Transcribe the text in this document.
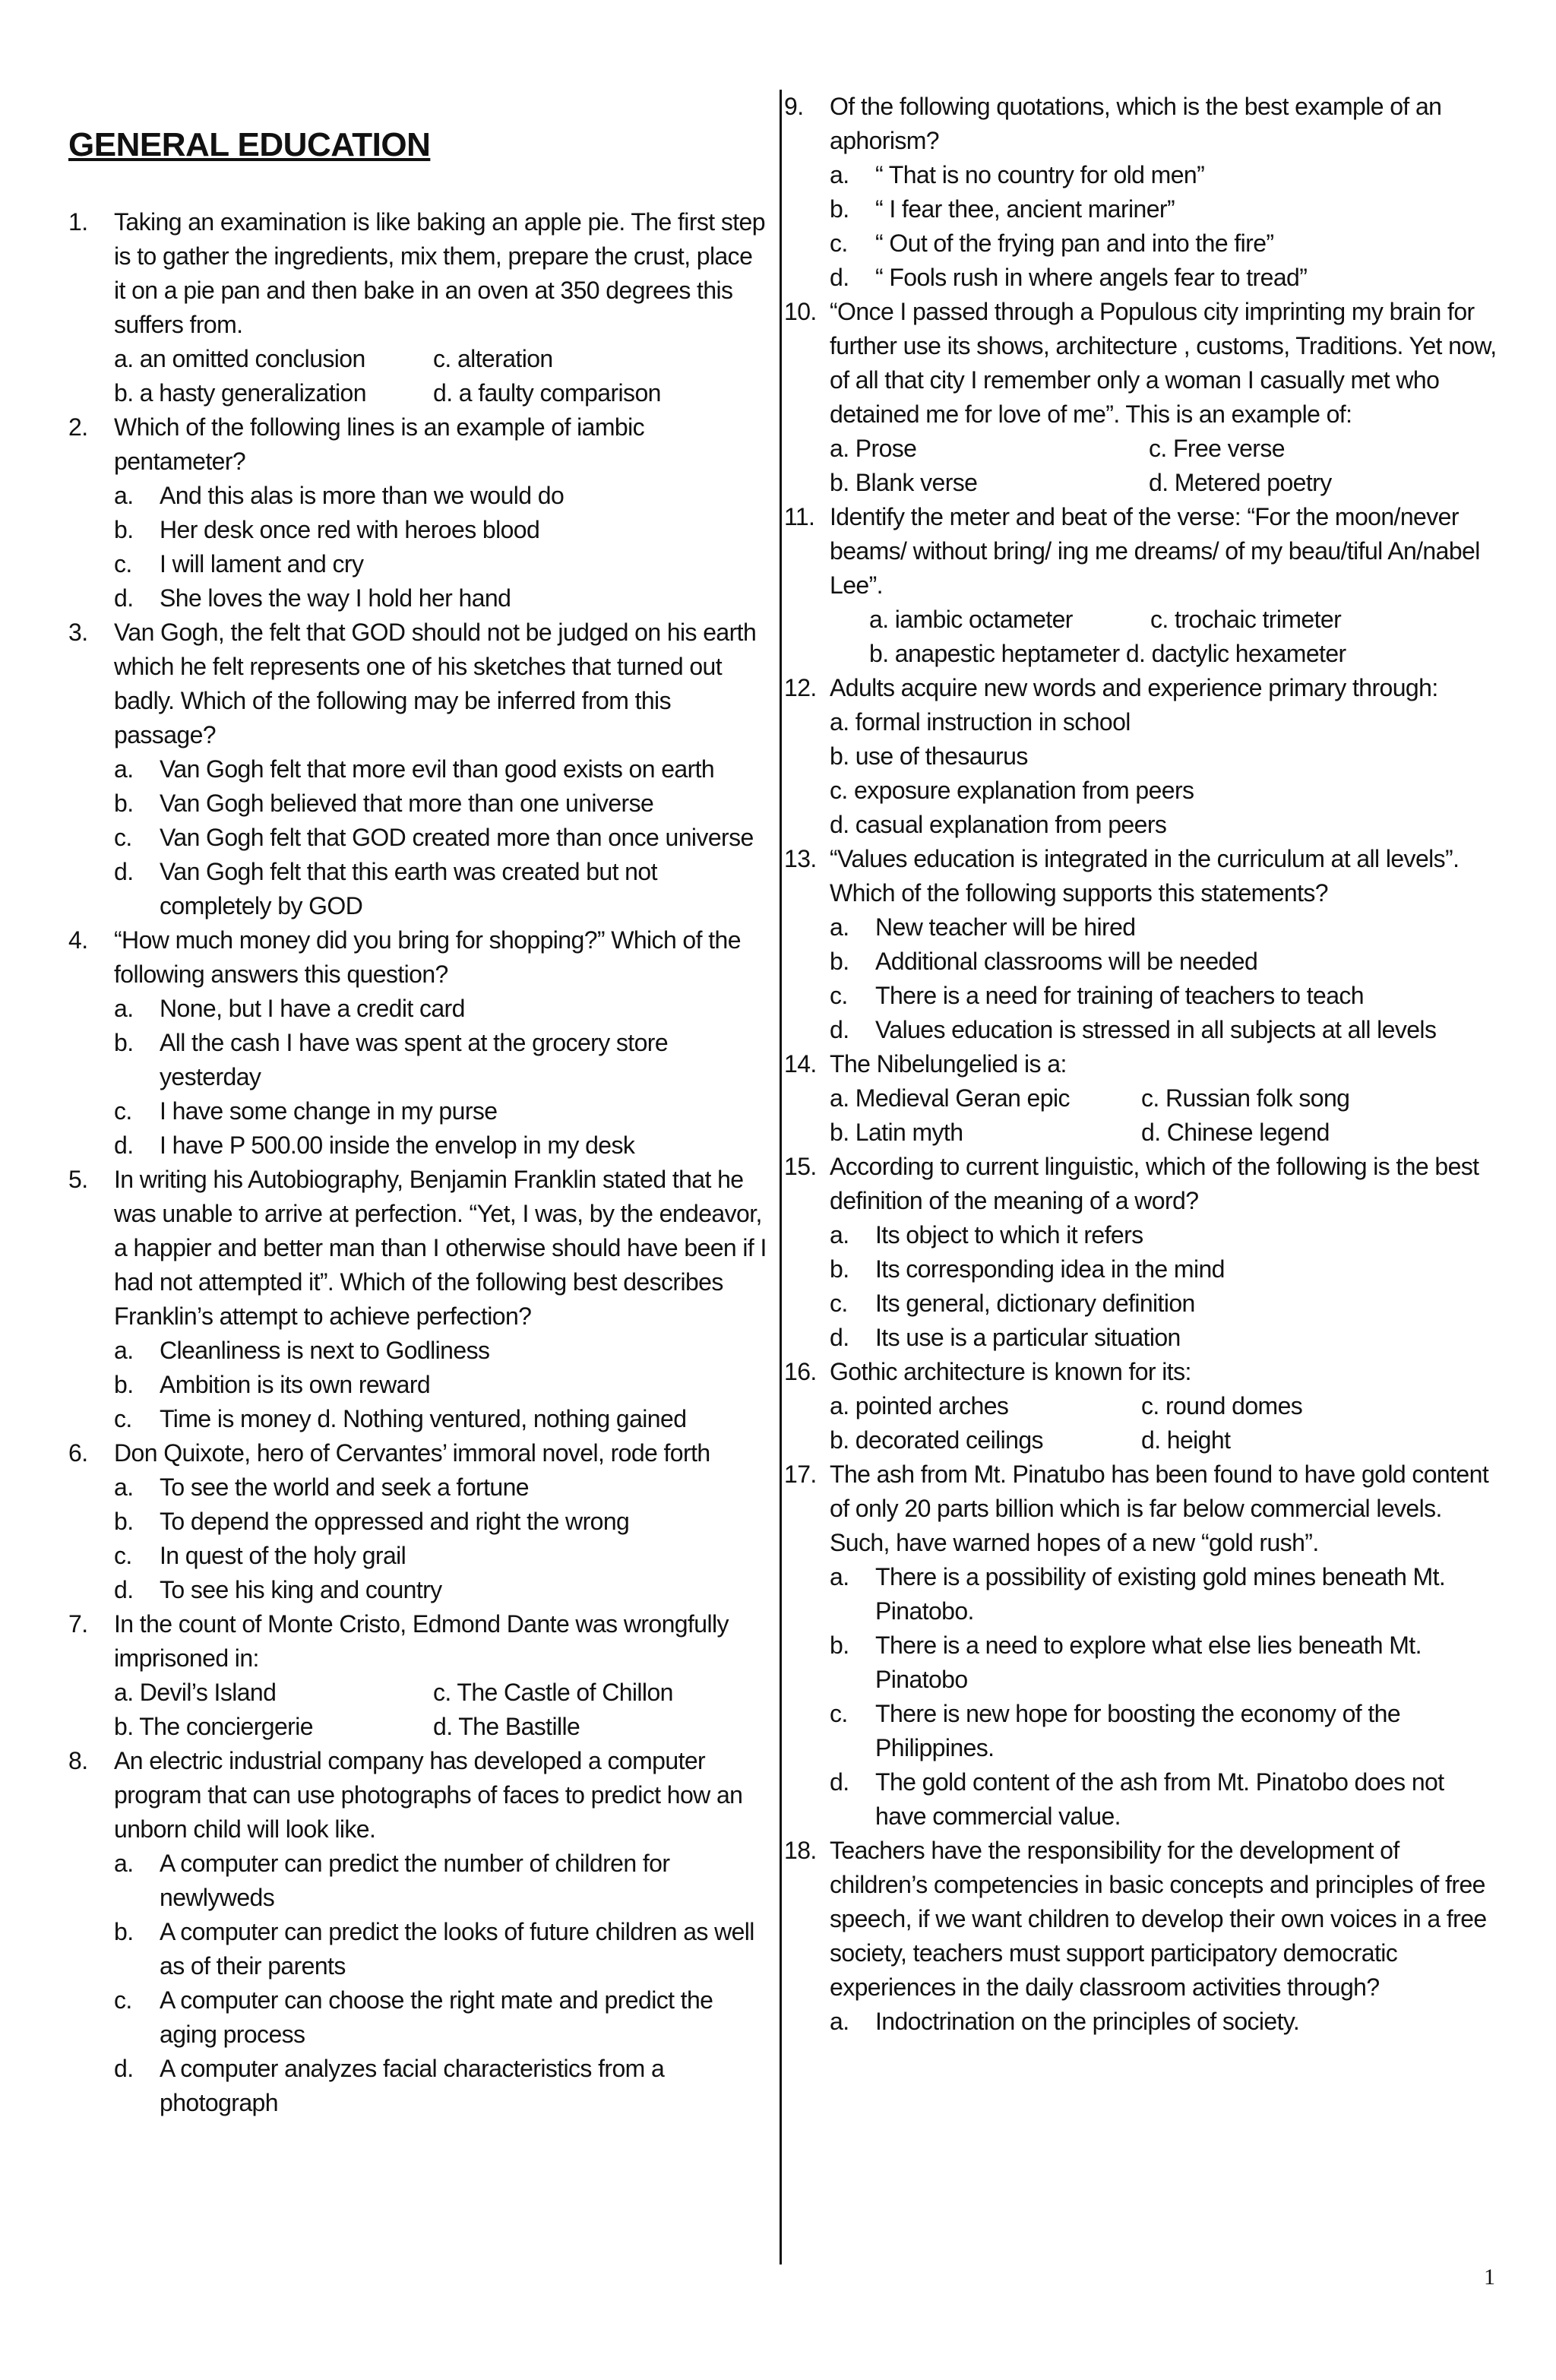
GENERAL EDUCATION
1. Taking an examination is like baking an apple pie. The first step is to gather the ingredients, mix them, prepare the crust, place it on a pie pan and then bake in an oven at 350 degrees this suffers from.
a. an omitted conclusion	c. alteration
b. a hasty generalization	d. a faulty comparison
2. Which of the following lines is an example of iambic pentameter?
a. And this alas is more than we would do
b. Her desk once red with heroes blood
c. I will lament and cry
d. She loves the way I hold her hand
3. Van Gogh, the felt that GOD should not be judged on his earth which he felt represents one of his sketches that turned out badly. Which of the following may be inferred from this passage?
a. Van Gogh felt that more evil than good exists on earth
b. Van Gogh believed that more than one universe
c. Van Gogh felt that GOD created more than once universe
d. Van Gogh felt that this earth was created but not completely by GOD
4. “How much money did you bring for shopping?” Which of the following answers this question?
a. None, but I have a credit card
b. All the cash I have was spent at the grocery store yesterday
c. I have some change in my purse
d. I have P 500.00 inside the envelop in my desk
5. In writing his Autobiography, Benjamin Franklin stated that he was unable to arrive at perfection. “Yet, I was, by the endeavor, a happier and better man than I otherwise should have been if I had not attempted it”. Which of the following best describes Franklin’s attempt to achieve perfection?
a. Cleanliness is next to Godliness
b. Ambition is its own reward
c. Time is money d. Nothing ventured, nothing gained
6. Don Quixote, hero of Cervantes’ immoral novel, rode forth
a. To see the world and seek a fortune
b. To depend the oppressed and right the wrong
c. In quest of the holy grail
d. To see his king and country
7. In the count of Monte Cristo, Edmond Dante was wrongfully imprisoned in:
a. Devil’s Island	c. The Castle of Chillon
b. The conciergerie	d. The Bastille
8. An electric industrial company has developed a computer program that can use photographs of faces to predict how an unborn child will look like.
a. A computer can predict the number of children for newlyweds
b. A computer can predict the looks of future children as well as of their parents
c. A computer can choose the right mate and predict the aging process
d. A computer analyzes facial characteristics from a photograph
9. Of the following quotations, which is the best example of an aphorism?
a. “ That is no country for old men”
b. “ I fear thee, ancient mariner”
c. “ Out of the frying pan and into the fire”
d. “ Fools rush in where angels fear to tread”
10. “Once I passed through a Populous city imprinting my brain for further use its shows, architecture , customs, Traditions. Yet now, of all that city I remember only a woman I casually met who detained me for love of me”. This is an example of:
a. Prose	c. Free verse
b. Blank verse	d. Metered poetry
11. Identify the meter and beat of the verse: “For the moon/never beams/ without bring/ ing me dreams/ of my beau/tiful An/nabel Lee”.
a. iambic octameter	c. trochaic trimeter
b. anapestic heptameter d. dactylic hexameter
12. Adults acquire new words and experience primary through:
a. formal instruction in school
b. use of thesaurus
c. exposure explanation from peers
d. casual explanation from peers
13. “Values education is integrated in the curriculum at all levels”. Which of the following supports this statements?
a. New teacher will be hired
b. Additional classrooms will be needed
c. There is a need for training of teachers to teach
d. Values education is stressed in all subjects at all levels
14. The Nibelungelied is a:
a. Medieval Geran epic	c. Russian folk song
b. Latin myth	d. Chinese legend
15. According to current linguistic, which of the following is the best definition of the meaning of a word?
a. Its object to which it refers
b. Its corresponding idea in the mind
c. Its general, dictionary definition
d. Its use is a particular situation
16. Gothic architecture is known for its:
a. pointed arches	c. round domes
b. decorated ceilings	d. height
17. The ash from Mt. Pinatubo has been found to have gold content of only 20 parts billion which is far below commercial levels. Such, have warned hopes of a new “gold rush”.
a. There is a possibility of existing gold mines beneath Mt. Pinatobo.
b. There is a need to explore what else lies beneath Mt. Pinatobo
c. There is new hope for boosting the economy of the Philippines.
d. The gold content of the ash from Mt. Pinatobo does not have commercial value.
18. Teachers have the responsibility for the development of children’s competencies in basic concepts and principles of free speech, if we want children to develop their own voices in a free society, teachers must support participatory democratic experiences in the daily classroom activities through?
a. Indoctrination on the principles of society.
1
